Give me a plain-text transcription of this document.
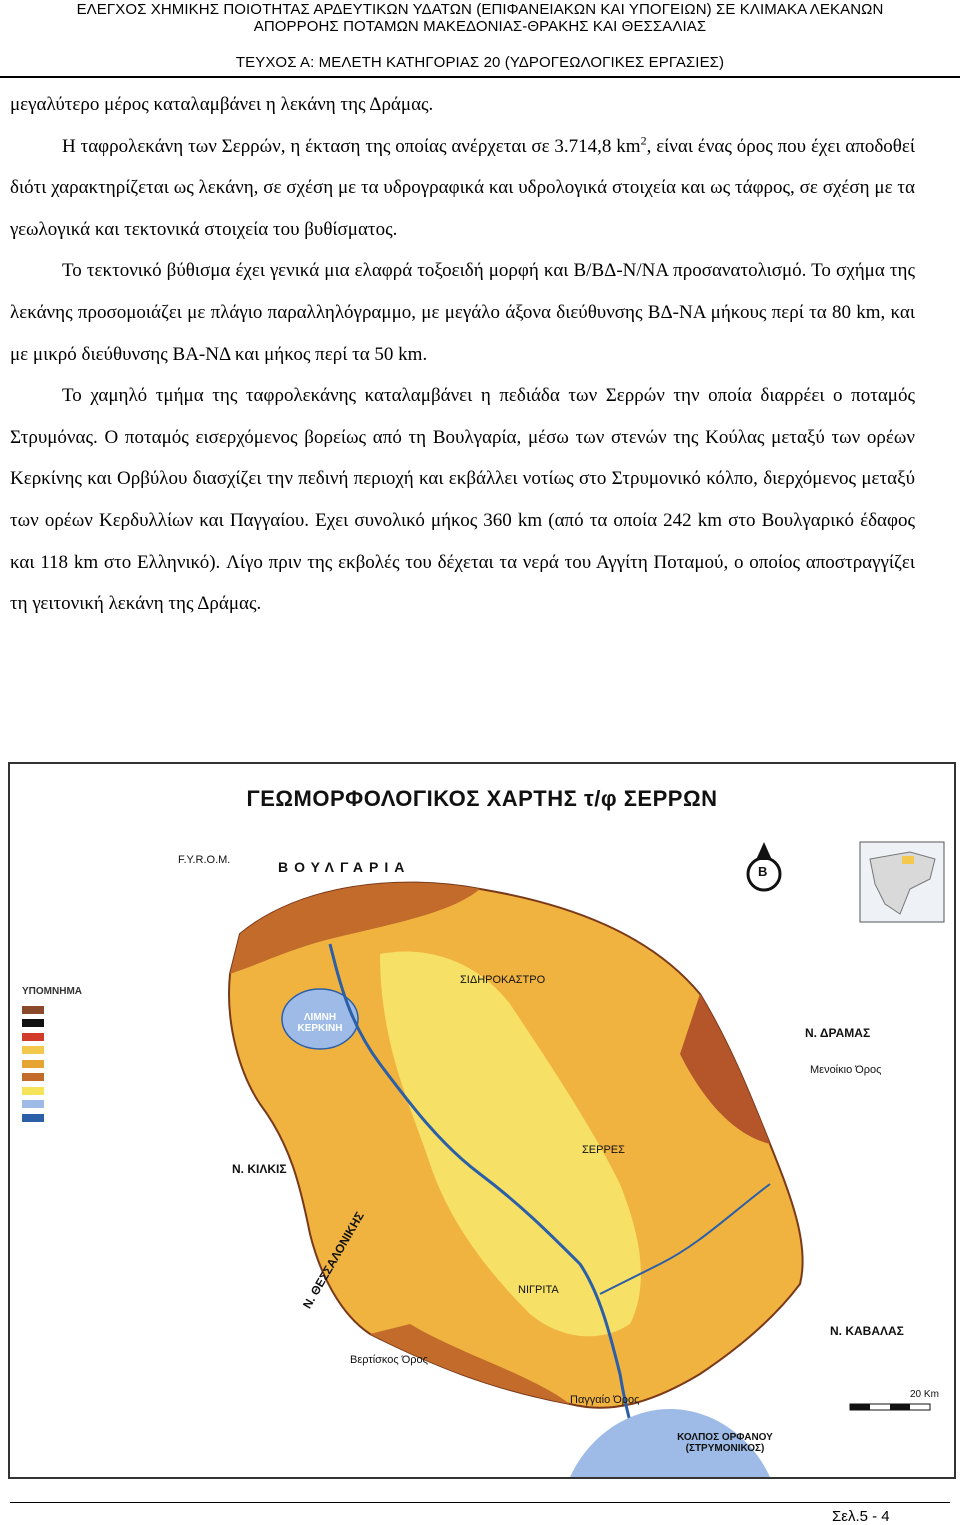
ΕΛΕΓΧΟΣ ΧΗΜΙΚΗΣ ΠΟΙΟΤΗΤΑΣ ΑΡΔΕΥΤΙΚΩΝ ΥΔΑΤΩΝ (ΕΠΙΦΑΝΕΙΑΚΩΝ ΚΑΙ ΥΠΟΓΕΙΩΝ) ΣΕ ΚΛΙΜΑΚΑ ΛΕΚΑΝΩΝ
ΑΠΟΡΡΟΗΣ ΠΟΤΑΜΩΝ ΜΑΚΕΔΟΝΙΑΣ-ΘΡΑΚΗΣ ΚΑΙ ΘΕΣΣΑΛΙΑΣ
ΤΕΥΧΟΣ Α: ΜΕΛΕΤΗ ΚΑΤΗΓΟΡΙΑΣ 20 (ΥΔΡΟΓΕΩΛΟΓΙΚΕΣ ΕΡΓΑΣΙΕΣ)

μεγαλύτερο μέρος καταλαμβάνει η λεκάνη της Δράμας.

Η ταφρολεκάνη των Σερρών, η έκταση της οποίας ανέρχεται σε 3.714,8 $km^2$, είναι ένας όρος που έχει αποδοθεί διότι χαρακτηρίζεται ως λεκάνη, σε σχέση με τα υδρογραφικά και υδρολογικά στοιχεία και ως τάφρος, σε σχέση με τα γεωλογικά και τεκτονικά στοιχεία του βυθίσματος.

Το τεκτονικό βύθισμα έχει γενικά μια ελαφρά τοξοειδή μορφή και Β/ΒΔ-Ν/ΝΑ προσανατολισμό. Το σχήμα της λεκάνης προσομοιάζει με πλάγιο παραλληλόγραμμο, με μεγάλο άξονα διεύθυνσης ΒΔ-ΝΑ μήκους περί τα 80 km, και με μικρό διεύθυνσης ΒΑ-ΝΔ και μήκος περί τα 50 km.

Το χαμηλό τμήμα της ταφρολεκάνης καταλαμβάνει η πεδιάδα των Σερρών την οποία διαρρέει ο ποταμός Στρυμόνας. Ο ποταμός εισερχόμενος βορείως από τη Βουλγαρία, μέσω των στενών της Κούλας μεταξύ των ορέων Κερκίνης και Ορβύλου διασχίζει την πεδινή περιοχή και εκβάλλει νοτίως στο Στρυμονικό κόλπο, διερχόμενος μεταξύ των ορέων Κερδυλλίων και Παγγαίου. Εχει συνολικό μήκος 360 km (από τα οποία 242 km στο Βουλγαρικό έδαφος και 118 km στο Ελληνικό). Λίγο πριν της εκβολές του δέχεται τα νερά του Αγγίτη Ποταμού, ο οποίος αποστραγγίζει τη γειτονική λεκάνη της Δράμας.

ΓΕΩΜΟΡΦΟΛΟΓΙΚΟΣ ΧΑΡΤΗΣ τ/φ ΣΕΡΡΩΝ
ΒΟΥΛΓΑΡΙΑ
F.Y.R.O.M.
Ν. ΔΡΑΜΑΣ
Ν. ΚΙΛΚΙΣ
Ν. ΚΑΒΑΛΑΣ
Ν. ΘΕΣΣΑΛΟΝΙΚΗΣ
ΛΙΜΝΗ ΚΕΡΚΙΝΗ
ΚΟΛΠΟΣ ΟΡΦΑΝΟΥ (ΣΤΡΥΜΟΝΙΚΟΣ)
Μενοίκιο Όρος
Παγγαίο Όρος
Βερτίσκος Όρος
ΣΙΔΗΡΟΚΑΣΤΡΟ
ΣΕΡΡΕΣ
ΝΙΓΡΙΤΑ
Β
20 Km
ΥΠΟΜΝΗΜΑ
Σελ.5 - 4
